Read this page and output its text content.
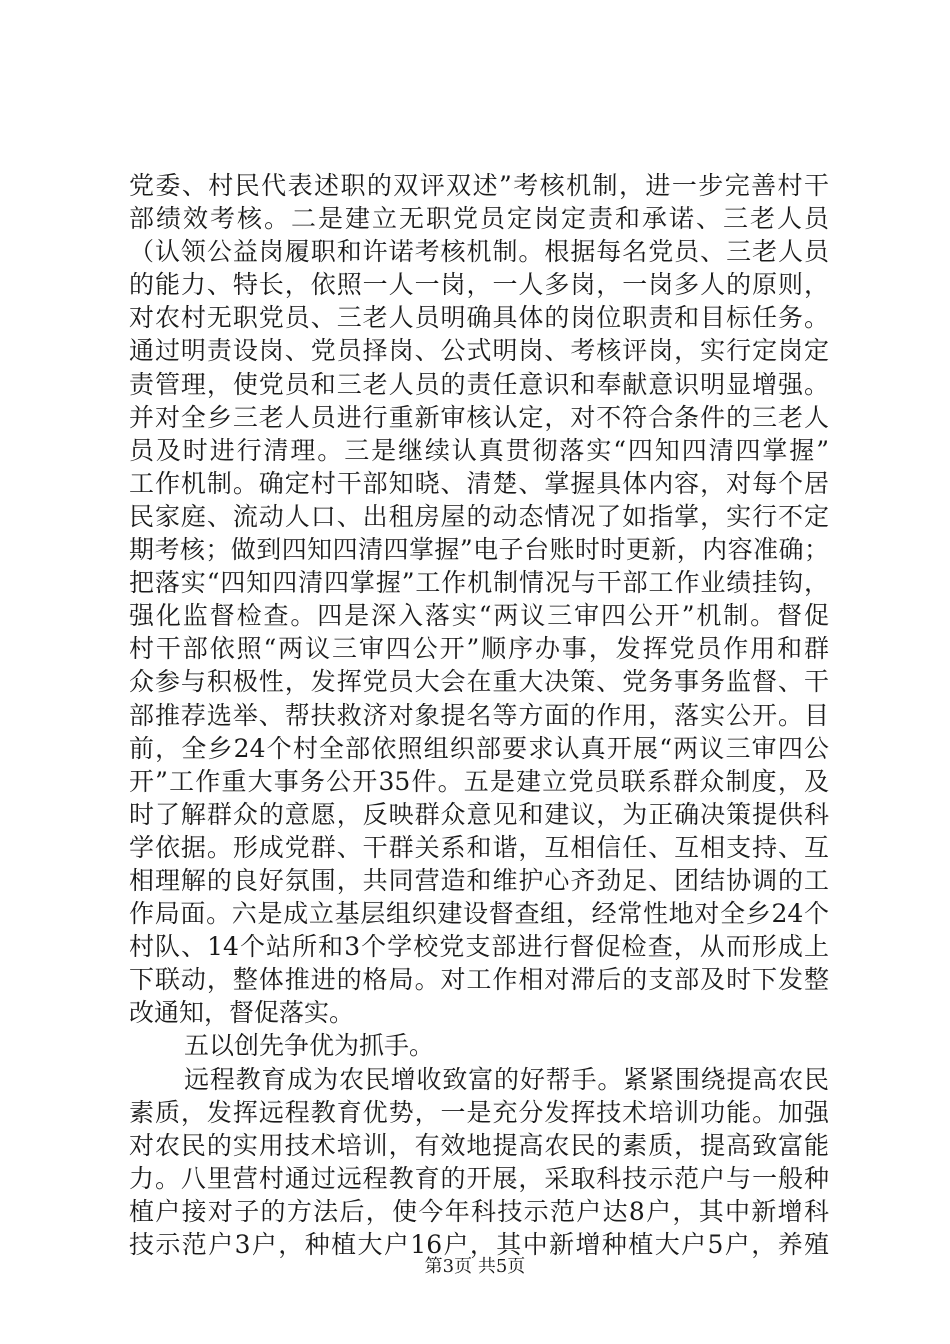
党委、村民代表述职的双评双述”考核机制，进一步完善村干
部绩效考核。二是建立无职党员定岗定责和承诺、三老人员
（认领公益岗履职和许诺考核机制。根据每名党员、三老人员
的能力、特长，依照一人一岗，一人多岗，一岗多人的原则，
对农村无职党员、三老人员明确具体的岗位职责和目标任务。
通过明责设岗、党员择岗、公式明岗、考核评岗，实行定岗定
责管理，使党员和三老人员的责任意识和奉献意识明显增强。
并对全乡三老人员进行重新审核认定，对不符合条件的三老人
员及时进行清理。三是继续认真贯彻落实“四知四清四掌握”
工作机制。确定村干部知晓、清楚、掌握具体内容，对每个居
民家庭、流动人口、出租房屋的动态情况了如指掌，实行不定
期考核；做到四知四清四掌握”电子台账时时更新，内容准确；
把落实“四知四清四掌握”工作机制情况与干部工作业绩挂钩，
强化监督检查。四是深入落实“两议三审四公开”机制。督促
村干部依照“两议三审四公开”顺序办事，发挥党员作用和群
众参与积极性，发挥党员大会在重大决策、党务事务监督、干
部推荐选举、帮扶救济对象提名等方面的作用，落实公开。目
前，全乡24个村全部依照组织部要求认真开展“两议三审四公
开”工作重大事务公开35件。五是建立党员联系群众制度，及
时了解群众的意愿，反映群众意见和建议，为正确决策提供科
学依据。形成党群、干群关系和谐，互相信任、互相支持、互
相理解的良好氛围，共同营造和维护心齐劲足、团结协调的工
作局面。六是成立基层组织建设督查组，经常性地对全乡24个
村队、14个站所和3个学校党支部进行督促检查，从而形成上
下联动，整体推进的格局。对工作相对滞后的支部及时下发整
改通知，督促落实。
五以创先争优为抓手。
远程教育成为农民增收致富的好帮手。紧紧围绕提高农民
素质，发挥远程教育优势，一是充分发挥技术培训功能。加强
对农民的实用技术培训，有效地提高农民的素质，提高致富能
力。八里营村通过远程教育的开展，采取科技示范户与一般种
植户接对子的方法后，使今年科技示范户达8户，其中新增科
技示范户3户，种植大户16户，其中新增种植大户5户，养殖
第3页 共5页
